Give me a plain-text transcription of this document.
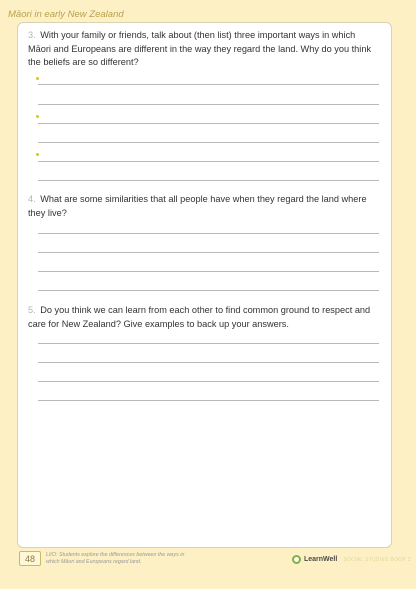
Māori in early New Zealand
3. With your family or friends, talk about (then list) three important ways in which Māori and Europeans are different in the way they regard the land. Why do you think the beliefs are so different?
4. What are some similarities that all people have when they regard the land where they live?
5. Do you think we can learn from each other to find common ground to respect and care for New Zealand? Give examples to back up your answers.
48	LI/O: Students explore the differences between the ways in which Māori and Europeans regard land.	LearnWell SOCIAL STUDIES BOOK 3
